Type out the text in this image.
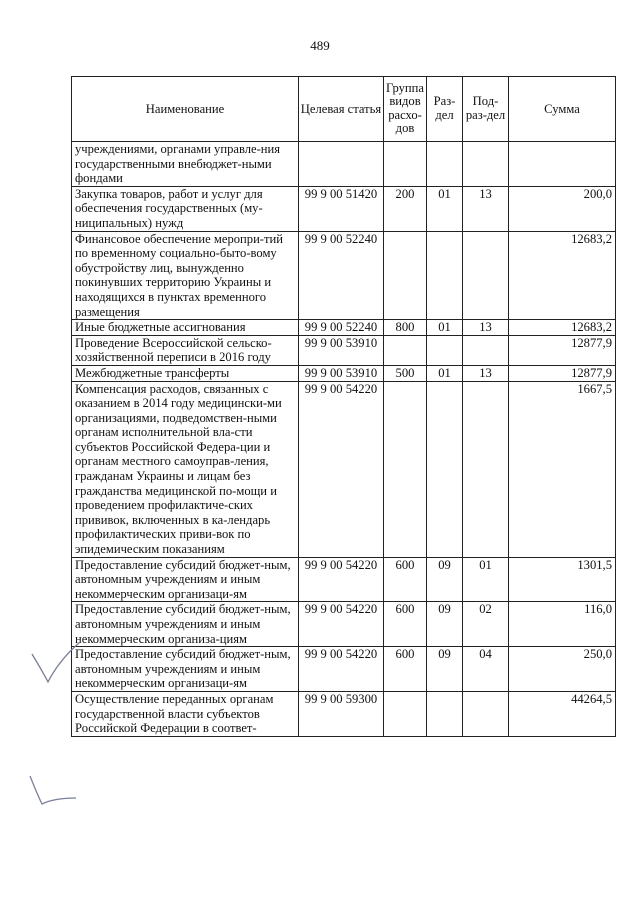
489
Наименование	Целевая статья	Группа видов расхо-дов	Раз-дел	Под-раз-дел	Сумма
учреждениями, органами управле-ния государственными внебюджет-ными фондами					
Закупка товаров, работ и услуг для обеспечения государственных (му-ниципальных) нужд	99 9 00 51420	200	01	13	200,0
Финансовое обеспечение меропри-тий по временному социально-быто-вому обустройству лиц, вынужденно покинувших территорию Украины и находящихся в пунктах временного размещения	99 9 00 52240				12683,2
Иные бюджетные ассигнования	99 9 00 52240	800	01	13	12683,2
Проведение Всероссийской сельско-хозяйственной переписи в 2016 году	99 9 00 53910				12877,9
Межбюджетные трансферты	99 9 00 53910	500	01	13	12877,9
Компенсация расходов, связанных с оказанием в 2014 году медицински-ми организациями, подведомствен-ными органам исполнительной вла-сти субъектов Российской Федера-ции и органам местного самоуправ-ления, гражданам Украины и лицам без гражданства медицинской по-мощи и проведением профилактиче-ских прививок, включенных в ка-лендарь профилактических приви-вок по эпидемическим показаниям	99 9 00 54220				1667,5
Предоставление субсидий бюджет-ным, автономным учреждениям и иным некоммерческим организаци-ям	99 9 00 54220	600	09	01	1301,5
Предоставление субсидий бюджет-ным, автономным учреждениям и иным некоммерческим организа-циям	99 9 00 54220	600	09	02	116,0
Предоставление субсидий бюджет-ным, автономным учреждениям и иным некоммерческим организаци-ям	99 9 00 54220	600	09	04	250,0
Осуществление переданных органам государственной власти субъектов Российской Федерации в соответ-	99 9 00 59300				44264,5
